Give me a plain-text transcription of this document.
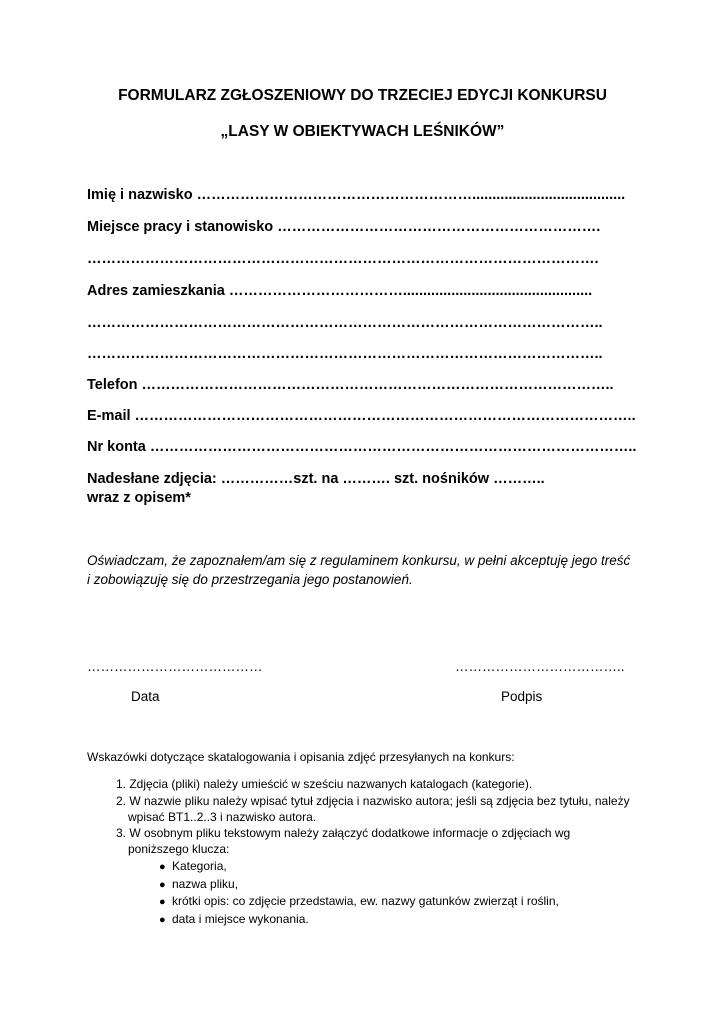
FORMULARZ ZGŁOSZENIOWY DO TRZECIEJ EDYCJI KONKURSU
„LASY W OBIEKTYWACH LEŚNIKÓW”
Imię i nazwisko …………………………………………………......................................
Miejsce pracy i stanowisko ………………………………………………………….
…………………………………………………………………………………………….
Adres zamieszkania ………………………………...............................................
……………………………………………………………………………………………..
……………………………………………………………………………………………..
Telefon ……………………………………………………………………………………..
E-mail …………………………………………………………………………………………..
Nr konta ………………………………………………………………………………………..
Nadesłane zdjęcia: ……………szt. na ………. szt. nośników ………..
wraz z opisem*
Oświadczam, że zapoznałem/am się z regulaminem konkursu, w pełni akceptuję jego treść
i zobowiązuję się do przestrzegania jego postanowień.
…………………………………	………………………………..
Data	Podpis
Wskazówki dotyczące skatalogowania i opisania zdjęć przesyłanych na konkurs:
1. Zdjęcia (pliki) należy umieścić w sześciu nazwanych katalogach (kategorie).
2. W nazwie pliku należy wpisać tytuł zdjęcia i nazwisko autora; jeśli są zdjęcia bez tytułu, należy
wpisać BT1..2..3 i nazwisko autora.
3. W osobnym pliku tekstowym należy załączyć dodatkowe informacje o zdjęciach wg
poniższego klucza:
● Kategoria,
● nazwa pliku,
● krótki opis: co zdjęcie przedstawia, ew. nazwy gatunków zwierząt i roślin,
● data i miejsce wykonania.
